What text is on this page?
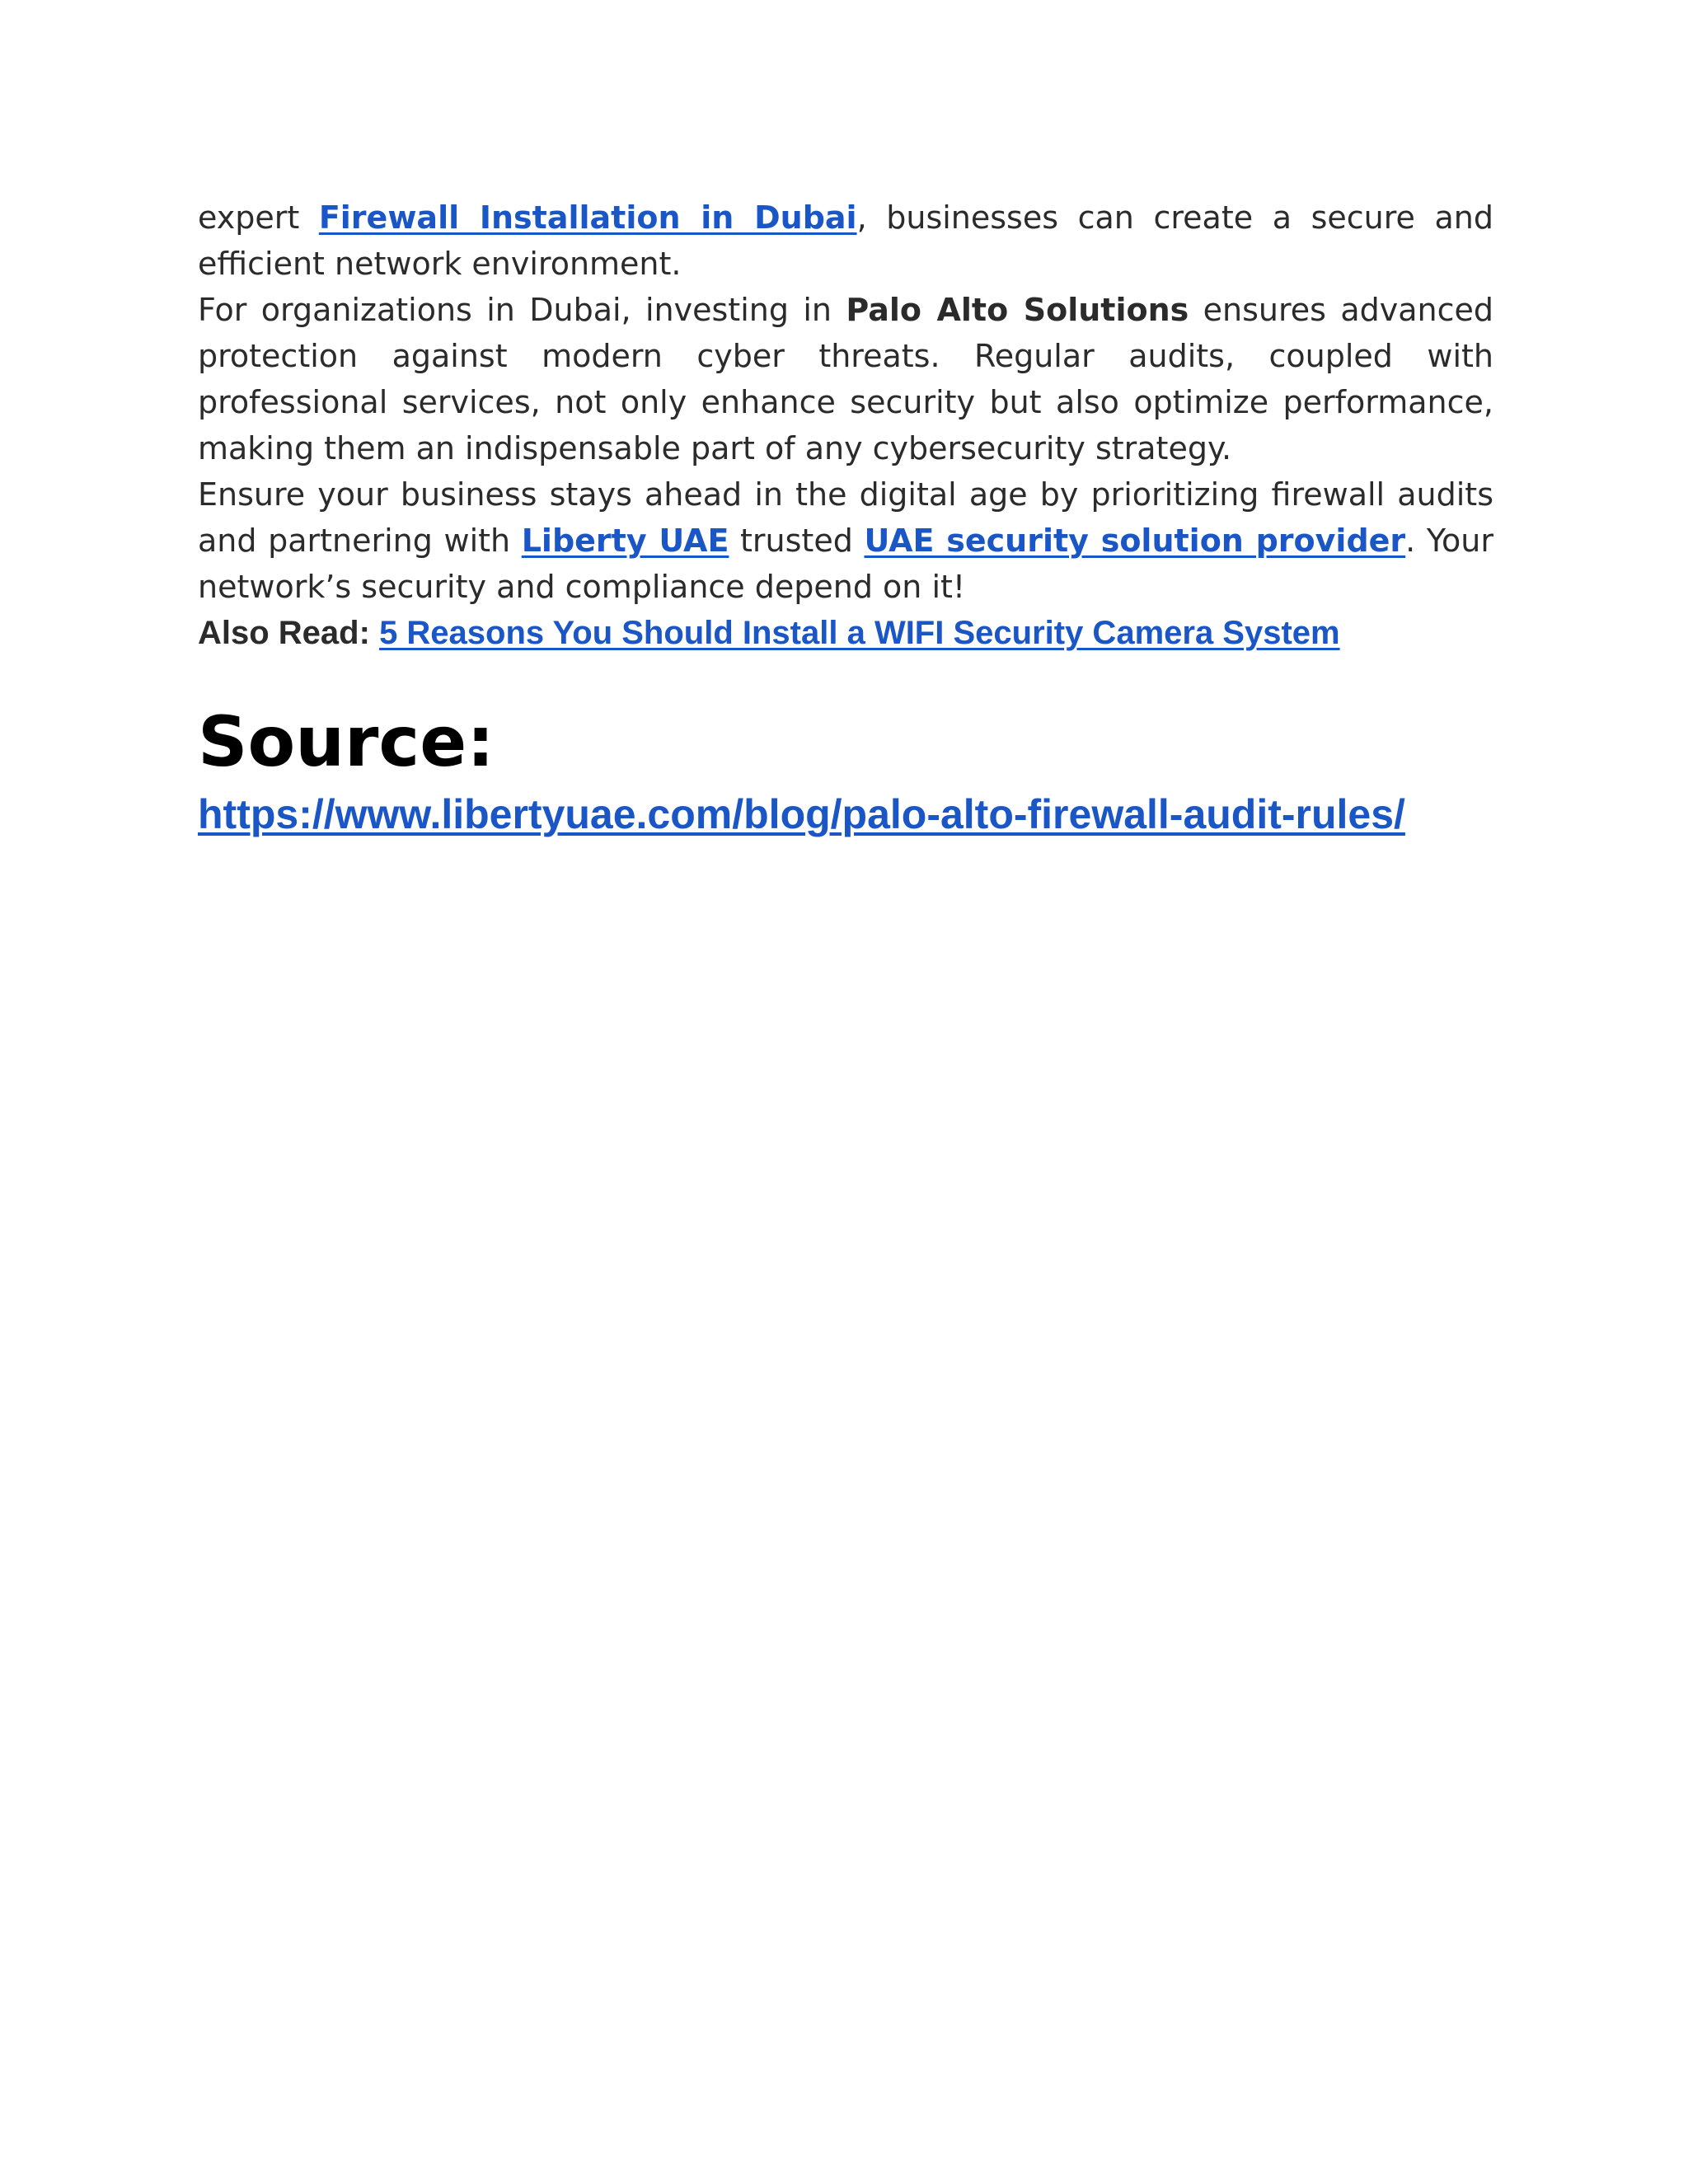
expert Firewall Installation in Dubai, businesses can create a secure and efficient network environment.

For organizations in Dubai, investing in Palo Alto Solutions ensures advanced protection against modern cyber threats. Regular audits, coupled with professional services, not only enhance security but also optimize performance, making them an indispensable part of any cybersecurity strategy.

Ensure your business stays ahead in the digital age by prioritizing firewall audits and partnering with Liberty UAE trusted UAE security solution provider. Your network’s security and compliance depend on it!

Also Read: 5 Reasons You Should Install a WIFI Security Camera System

Source:
https://www.libertyuae.com/blog/palo-alto-firewall-audit-rules/
